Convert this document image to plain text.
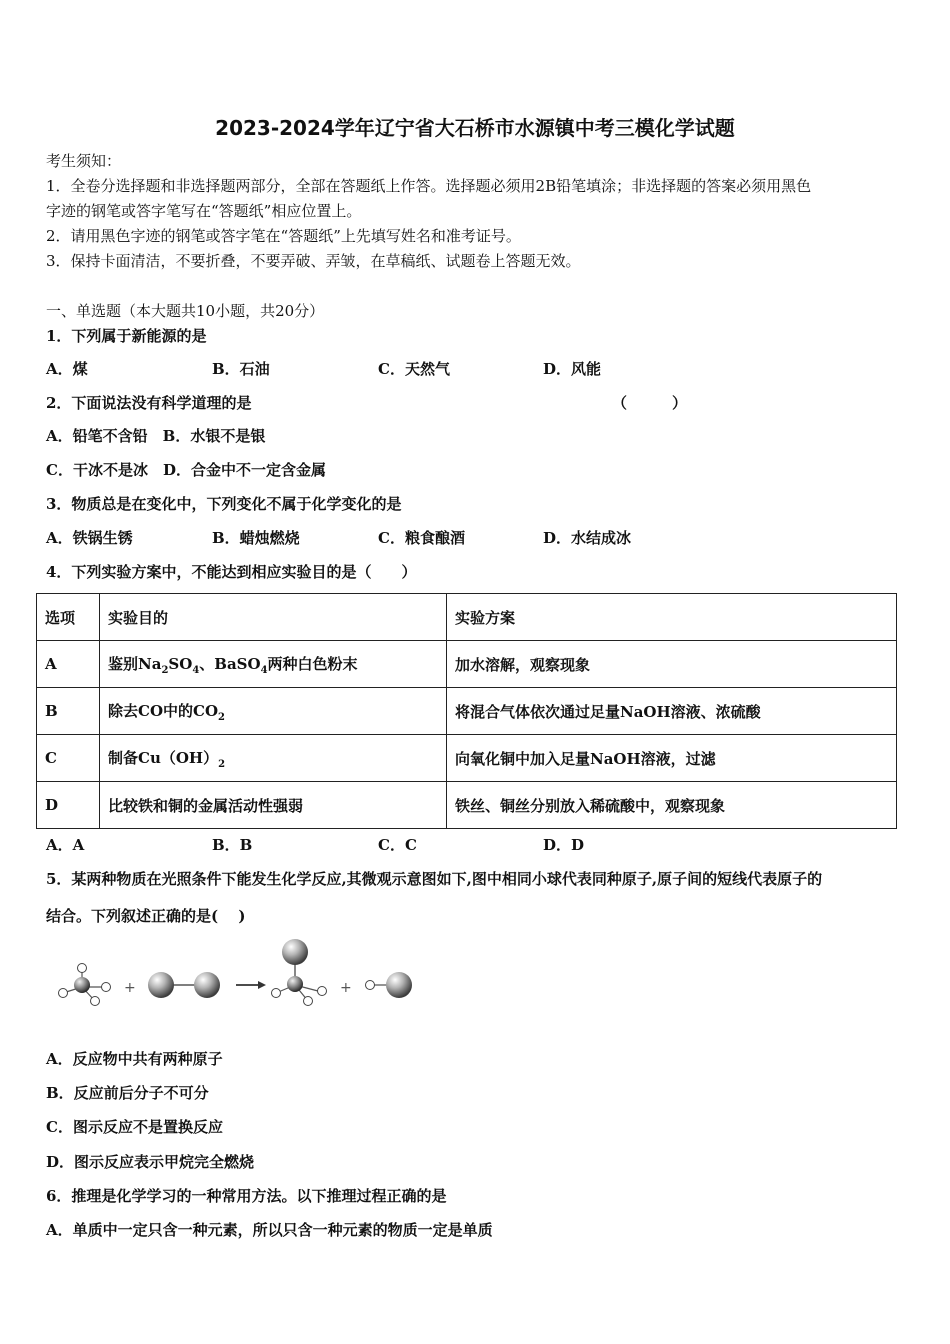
2023-2024学年辽宁省大石桥市水源镇中考三模化学试题
考生须知：
1．全卷分选择题和非选择题两部分，全部在答题纸上作答。选择题必须用2B铅笔填涂；非选择题的答案必须用黑色
字迹的钢笔或答字笔写在“答题纸”相应位置上。
2．请用黑色字迹的钢笔或答字笔在“答题纸”上先填写姓名和准考证号。
3．保持卡面清洁，不要折叠，不要弄破、弄皱，在草稿纸、试题卷上答题无效。
一、单选题（本大题共10小题，共20分）
1．下列属于新能源的是
A．煤	B．石油	C．天然气	D．风能
2．下面说法没有科学道理的是	（　　　）
A．铅笔不含铅　B．水银不是银
C．干冰不是冰　D．合金中不一定含金属
3．物质总是在变化中，下列变化不属于化学变化的是
A．铁锅生锈	B．蜡烛燃烧	C．粮食酿酒	D．水结成冰
4．下列实验方案中，不能达到相应实验目的是（　　）
选项	实验目的	实验方案
A	鉴别$Na_2SO_4$、BaSO$_4$两种白色粉末	加水溶解，观察现象
B	除去CO中的$CO_2$	将混合气体依次通过足量NaOH溶液、浓硫酸
C	制备$Cu(OH)_2$	向氧化铜中加入足量NaOH溶液，过滤
D	比较铁和铜的金属活动性强弱	铁丝、铜丝分别放入稀硫酸中，观察现象
A．A	B．B	C．C	D．D
5．某两种物质在光照条件下能发生化学反应,其微观示意图如下,图中相同小球代表同种原子,原子间的短线代表原子的
结合。下列叙述正确的是(　 )
+	+
A．反应物中共有两种原子
B．反应前后分子不可分
C．图示反应不是置换反应
D．图示反应表示甲烷完全燃烧
6．推理是化学学习的一种常用方法。以下推理过程正确的是
A．单质中一定只含一种元素，所以只含一种元素的物质一定是单质
